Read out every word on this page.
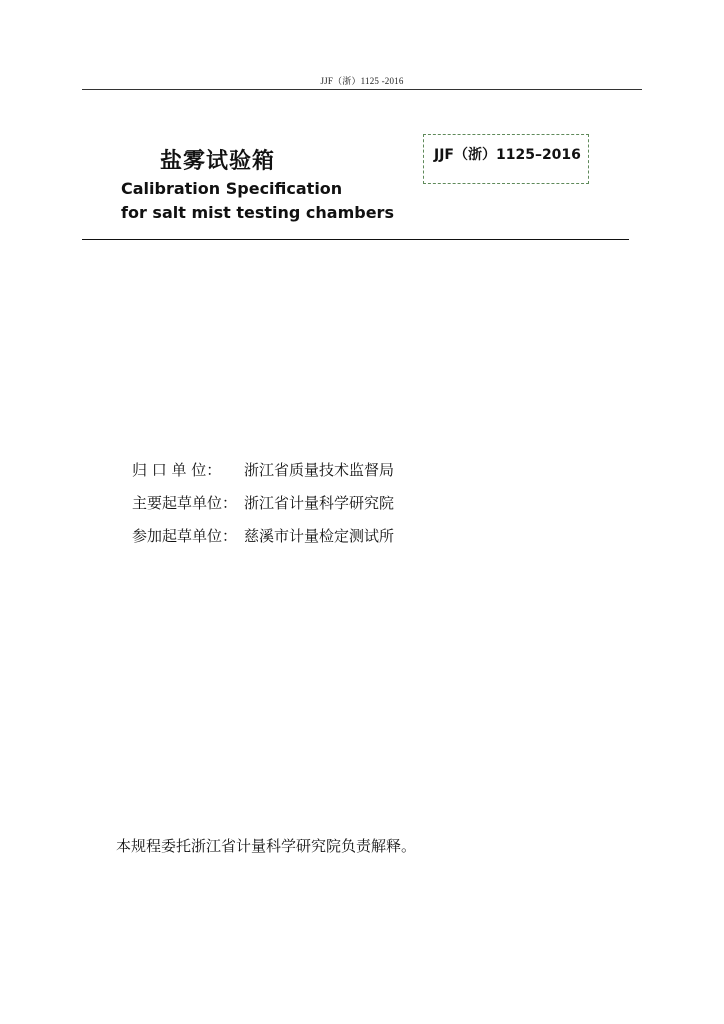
JJF（浙）1125 -2016
盐雾试验箱
Calibration Specification
for salt mist testing chambers
JJF（浙）1125–2016
归 口 单 位： 浙江省质量技术监督局
主要起草单位： 浙江省计量科学研究院
参加起草单位： 慈溪市计量检定测试所
本规程委托浙江省计量科学研究院负责解释。
